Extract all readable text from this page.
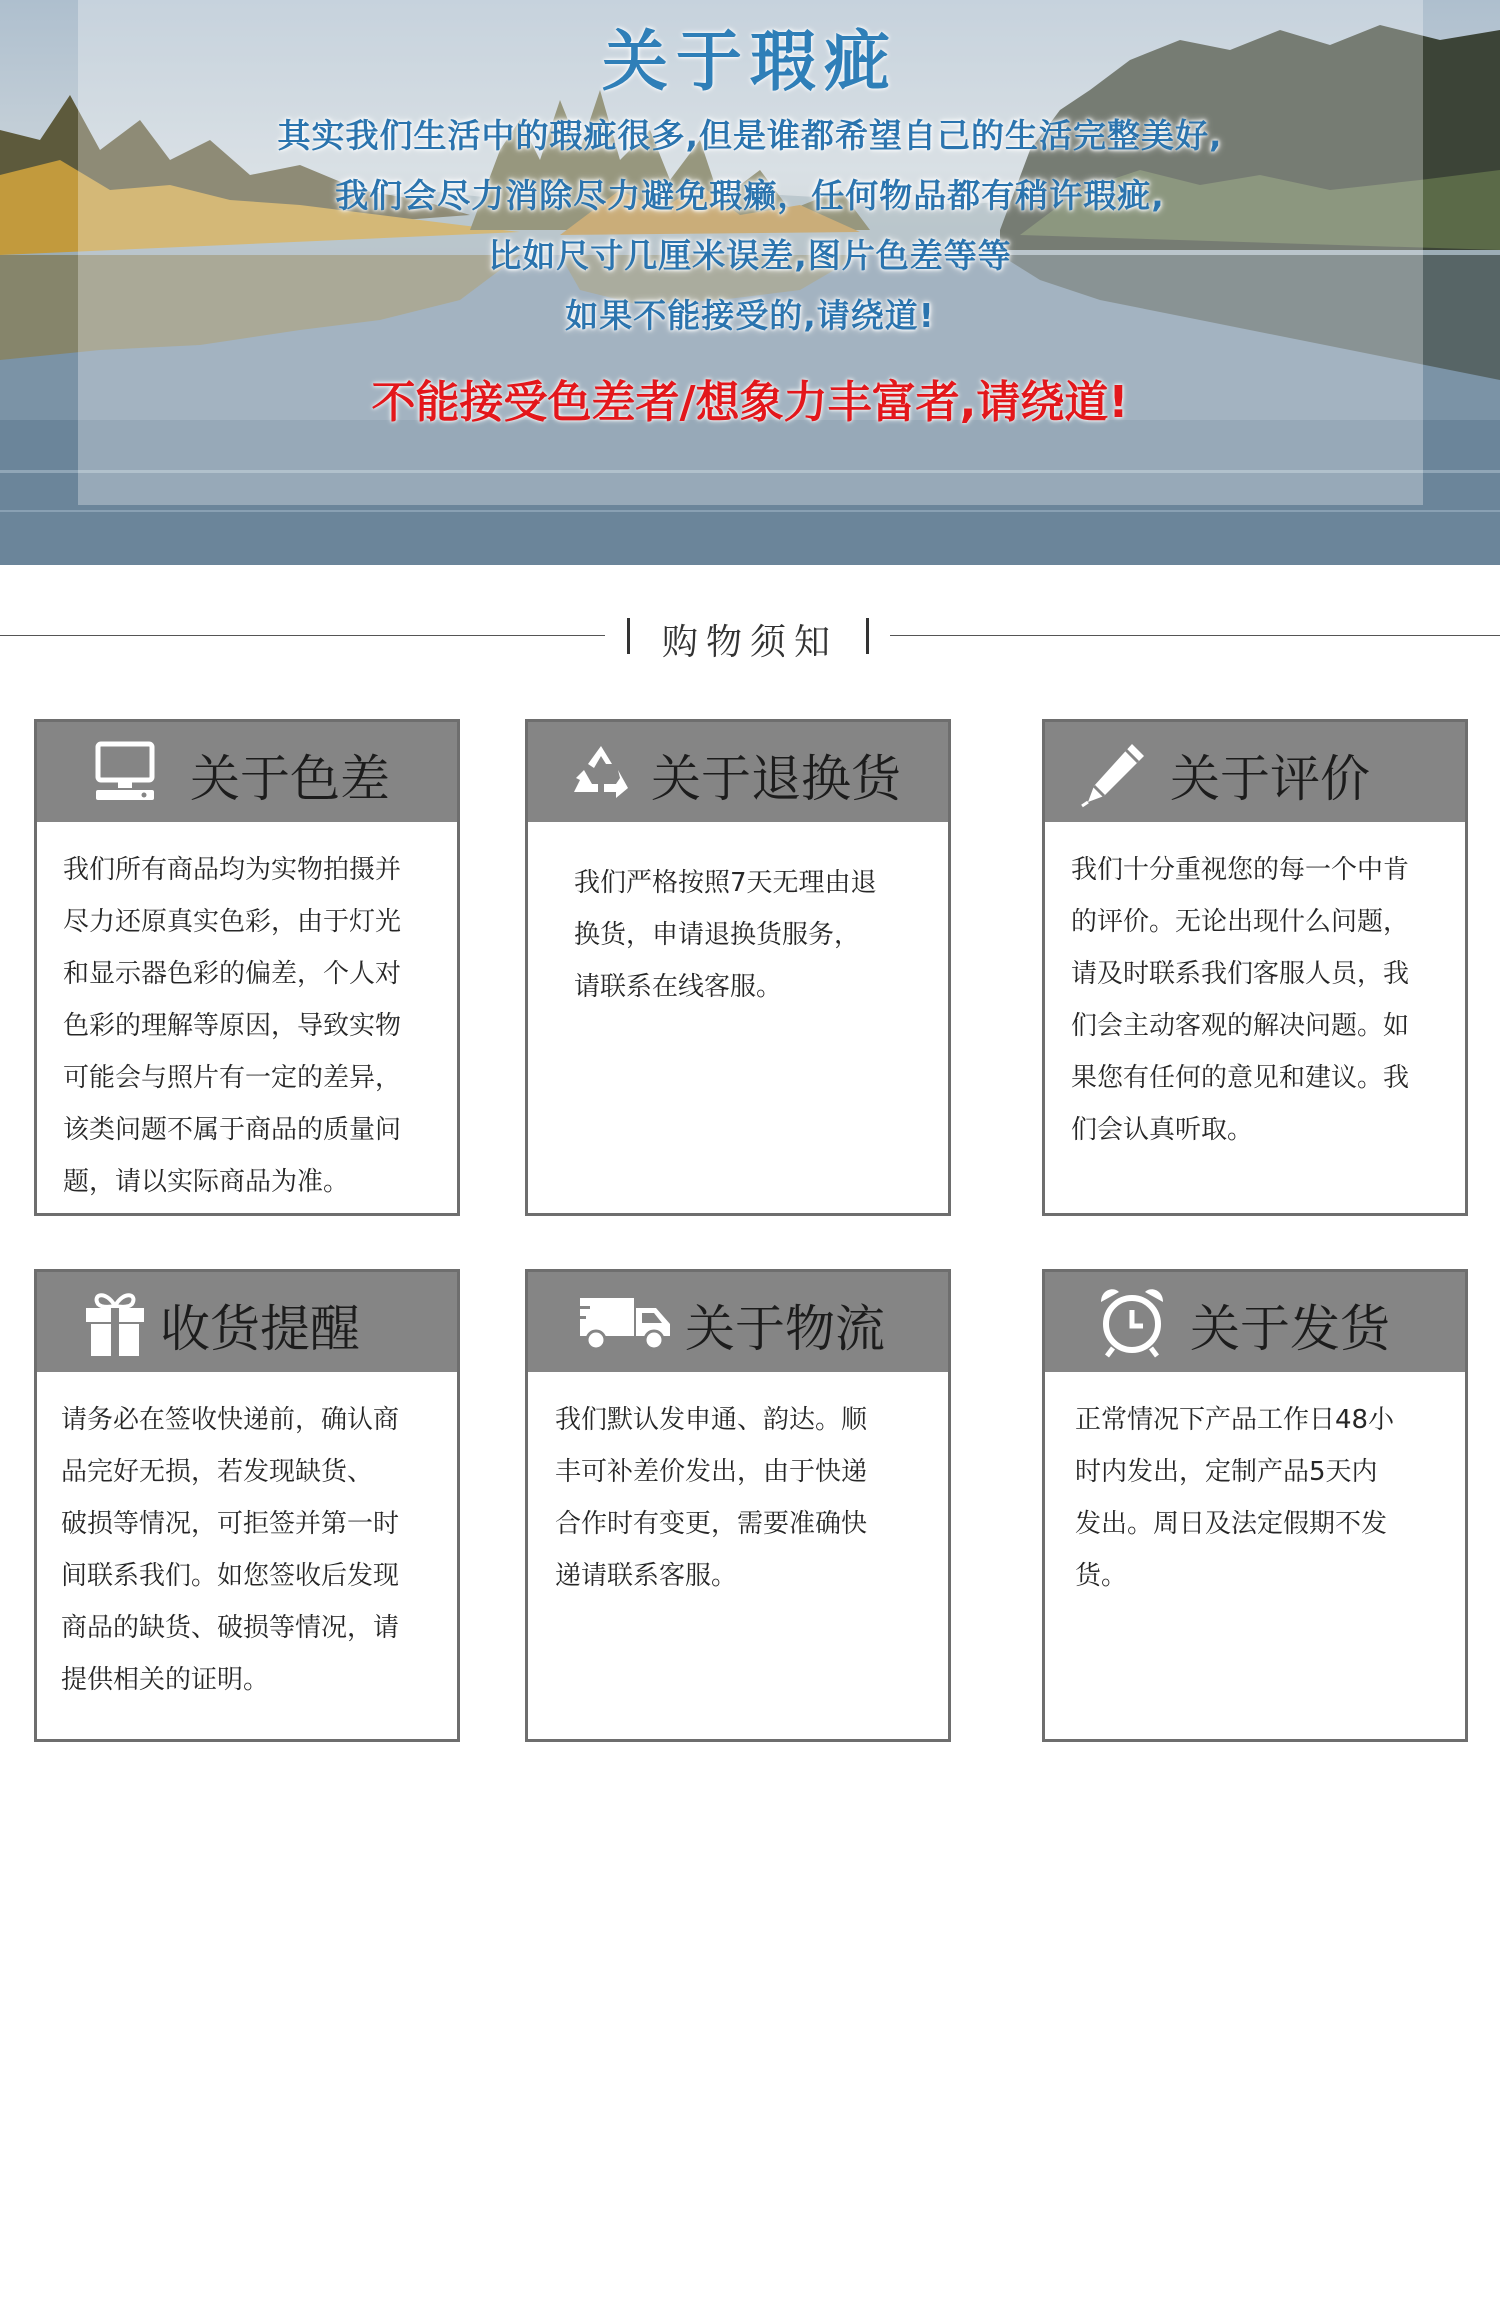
关于瑕疵
其实我们生活中的瑕疵很多,但是谁都希望自己的生活完整美好,
我们会尽力消除尽力避免瑕癞，任何物品都有稍许瑕疵,
比如尺寸几厘米误差,图片色差等等
如果不能接受的,请绕道!
不能接受色差者/想象力丰富者,请绕道!
购物须知
关于色差
我们所有商品均为实物拍摄并
尽力还原真实色彩，由于灯光
和显示器色彩的偏差，个人对
色彩的理解等原因，导致实物
可能会与照片有一定的差异，
该类问题不属于商品的质量问
题，请以实际商品为准。
关于退换货
我们严格按照7天无理由退
换货，申请退换货服务，
请联系在线客服。
关于评价
我们十分重视您的每一个中肯
的评价。无论出现什么问题，
请及时联系我们客服人员，我
们会主动客观的解决问题。如
果您有任何的意见和建议。我
们会认真听取。
收货提醒
请务必在签收快递前，确认商
品完好无损，若发现缺货、
破损等情况，可拒签并第一时
间联系我们。如您签收后发现
商品的缺货、破损等情况，请
提供相关的证明。
关于物流
我们默认发申通、韵达。顺
丰可补差价发出，由于快递
合作时有变更，需要准确快
递请联系客服。
关于发货
正常情况下产品工作日48小
时内发出，定制产品5天内
发出。周日及法定假期不发
货。
